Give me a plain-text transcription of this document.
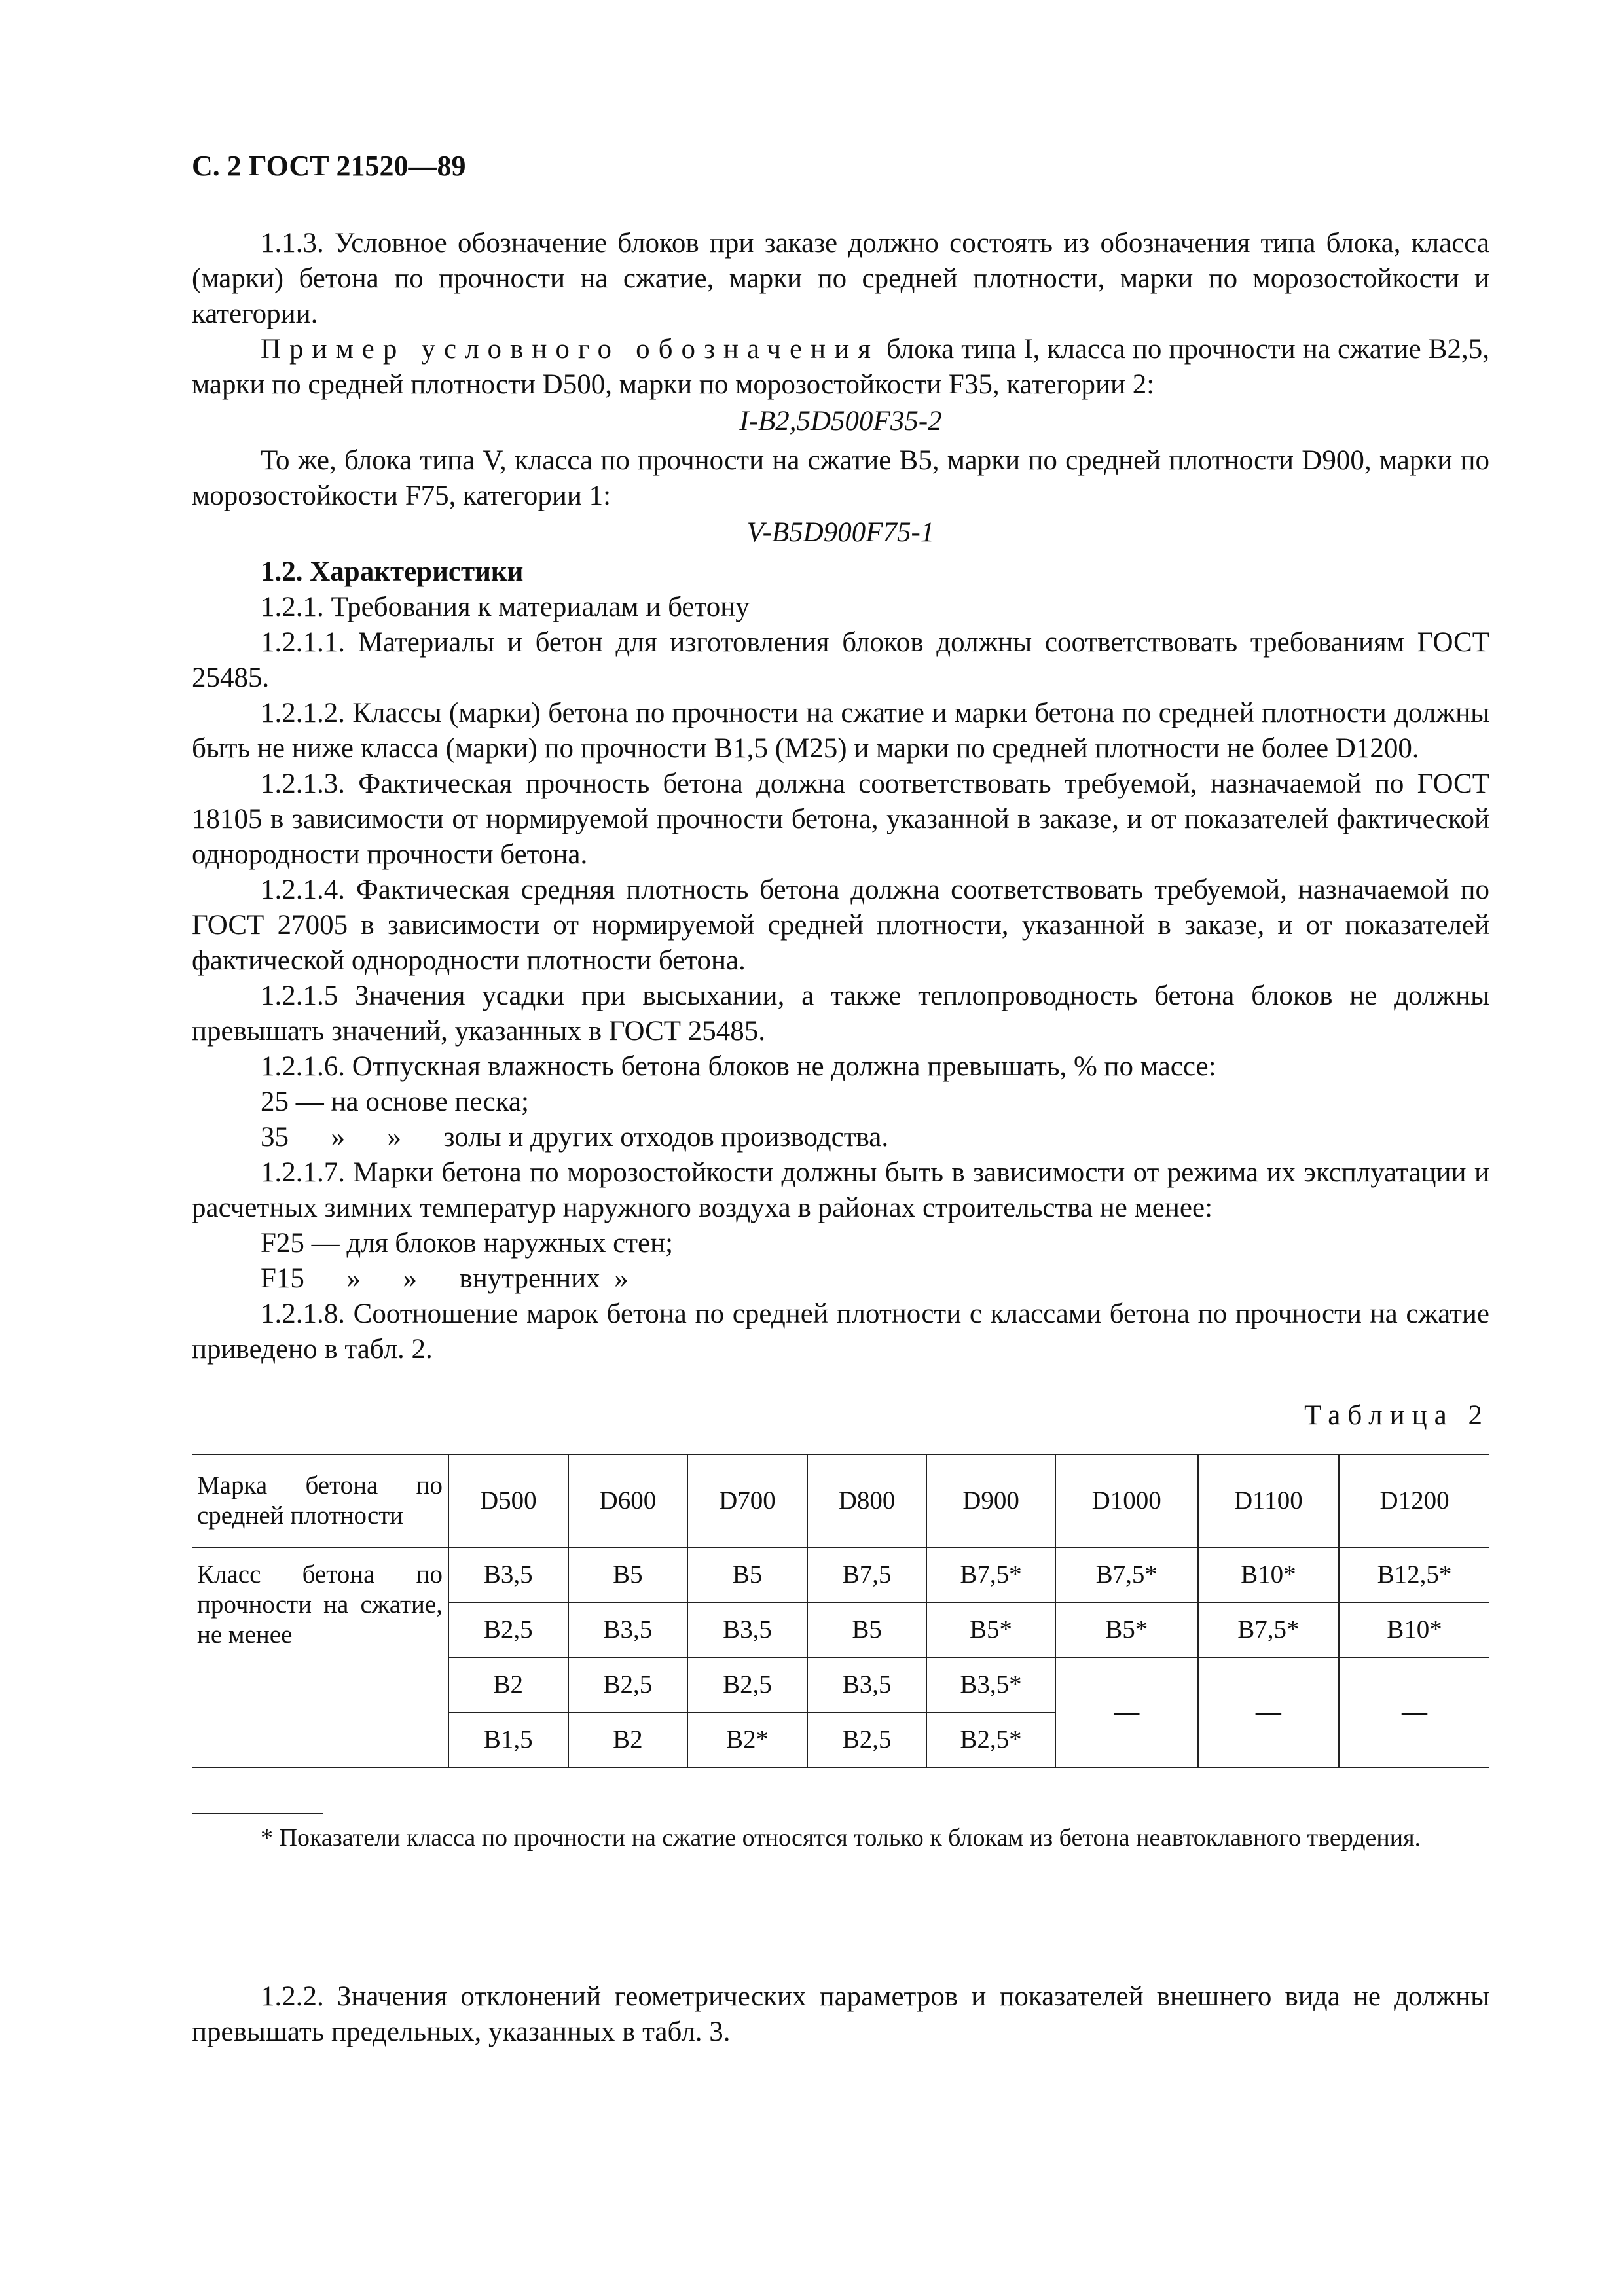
С. 2 ГОСТ 21520—89

1.1.3. Условное обозначение блоков при заказе должно состоять из обозначения типа блока, класса (марки) бетона по прочности на сжатие, марки по средней плотности, марки по морозостойкости и категории.

Пример условного обозначения блока типа I, класса по прочности на сжатие В2,5, марки по средней плотности D500, марки по морозостойкости F35, категории 2:

I-B2,5D500F35-2

То же, блока типа V, класса по прочности на сжатие В5, марки по средней плотности D900, марки по морозостойкости F75, категории 1:

V-B5D900F75-1

1.2. Характеристики

1.2.1. Требования к материалам и бетону

1.2.1.1. Материалы и бетон для изготовления блоков должны соответствовать требованиям ГОСТ 25485.

1.2.1.2. Классы (марки) бетона по прочности на сжатие и марки бетона по средней плотности должны быть не ниже класса (марки) по прочности В1,5 (М25) и марки по средней плотности не более D1200.

1.2.1.3. Фактическая прочность бетона должна соответствовать требуемой, назначаемой по ГОСТ 18105 в зависимости от нормируемой прочности бетона, указанной в заказе, и от показателей фактической однородности прочности бетона.

1.2.1.4. Фактическая средняя плотность бетона должна соответствовать требуемой, назначаемой по ГОСТ 27005 в зависимости от нормируемой средней плотности, указанной в заказе, и от показателей фактической однородности плотности бетона.

1.2.1.5 Значения усадки при высыхании, а также теплопроводность бетона блоков не должны превышать значений, указанных в ГОСТ 25485.

1.2.1.6. Отпускная влажность бетона блоков не должна превышать, % по массе:

25 — на основе песка;

35      »      »      золы и других отходов производства.

1.2.1.7. Марки бетона по морозостойкости должны быть в зависимости от режима их эксплуатации и расчетных зимних температур наружного воздуха в районах строительства не менее:

F25 — для блоков наружных стен;

F15      »      »      внутренних  »

1.2.1.8. Соотношение марок бетона по средней плотности с классами бетона по прочности на сжатие приведено в табл. 2.

Таблица 2
Марка бетона по средней плотности	D500	D600	D700	D800	D900	D1000	D1100	D1200
Класс бетона по прочности на сжатие, не менее	В3,5	В5	В5	В7,5	В7,5*	В7,5*	В10*	В12,5*
	В2,5	В3,5	В3,5	В5	В5*	В5*	В7,5*	В10*
	В2	В2,5	В2,5	В3,5	В3,5*	—	—	—
	В1,5	В2	В2*	В2,5	В2,5*			
* Показатели класса по прочности на сжатие относятся только к блокам из бетона неавтоклавного твердения.
1.2.2. Значения отклонений геометрических параметров и показателей внешнего вида не должны превышать предельных, указанных в табл. 3.
